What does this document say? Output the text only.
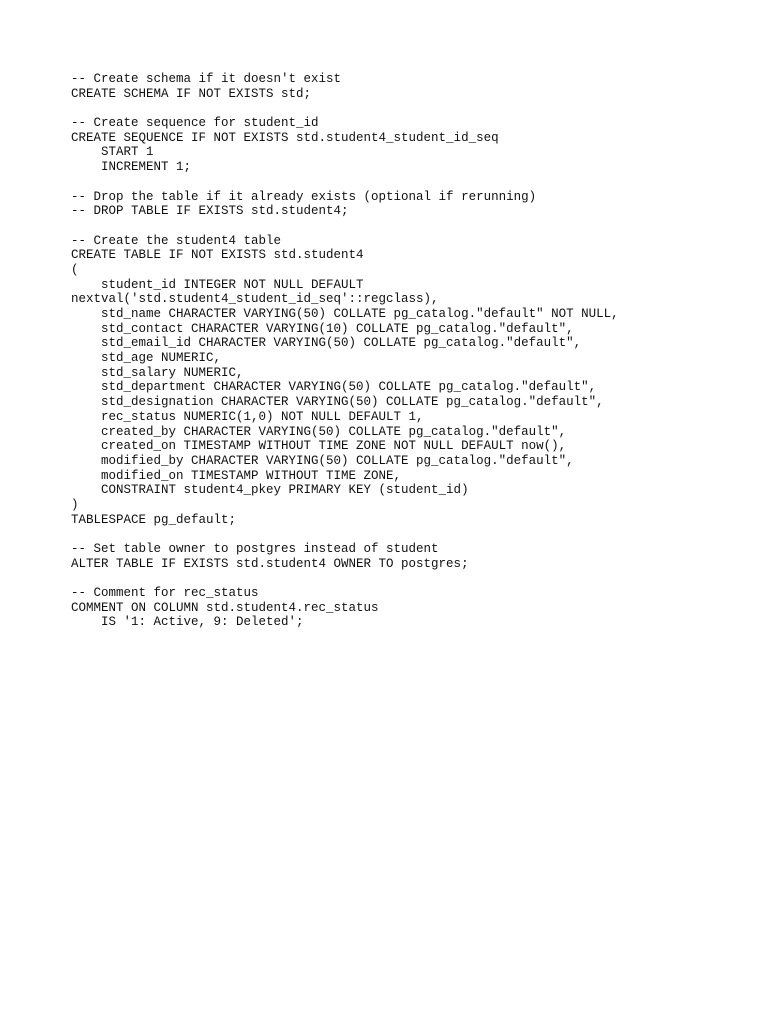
-- Create schema if it doesn't exist
CREATE SCHEMA IF NOT EXISTS std;
-- Create sequence for student_id
CREATE SEQUENCE IF NOT EXISTS std.student4_student_id_seq
START 1
INCREMENT 1;
-- Drop the table if it already exists (optional if rerunning)
-- DROP TABLE IF EXISTS std.student4;
-- Create the student4 table
CREATE TABLE IF NOT EXISTS std.student4
(
student_id INTEGER NOT NULL DEFAULT
nextval('std.student4_student_id_seq'::regclass),
std_name CHARACTER VARYING(50) COLLATE pg_catalog."default" NOT NULL,
std_contact CHARACTER VARYING(10) COLLATE pg_catalog."default",
std_email_id CHARACTER VARYING(50) COLLATE pg_catalog."default",
std_age NUMERIC,
std_salary NUMERIC,
std_department CHARACTER VARYING(50) COLLATE pg_catalog."default",
std_designation CHARACTER VARYING(50) COLLATE pg_catalog."default",
rec_status NUMERIC(1,0) NOT NULL DEFAULT 1,
created_by CHARACTER VARYING(50) COLLATE pg_catalog."default",
created_on TIMESTAMP WITHOUT TIME ZONE NOT NULL DEFAULT now(),
modified_by CHARACTER VARYING(50) COLLATE pg_catalog."default",
modified_on TIMESTAMP WITHOUT TIME ZONE,
CONSTRAINT student4_pkey PRIMARY KEY (student_id)
)
TABLESPACE pg_default;
-- Set table owner to postgres instead of student
ALTER TABLE IF EXISTS std.student4 OWNER TO postgres;
-- Comment for rec_status
COMMENT ON COLUMN std.student4.rec_status
IS '1: Active, 9: Deleted';
